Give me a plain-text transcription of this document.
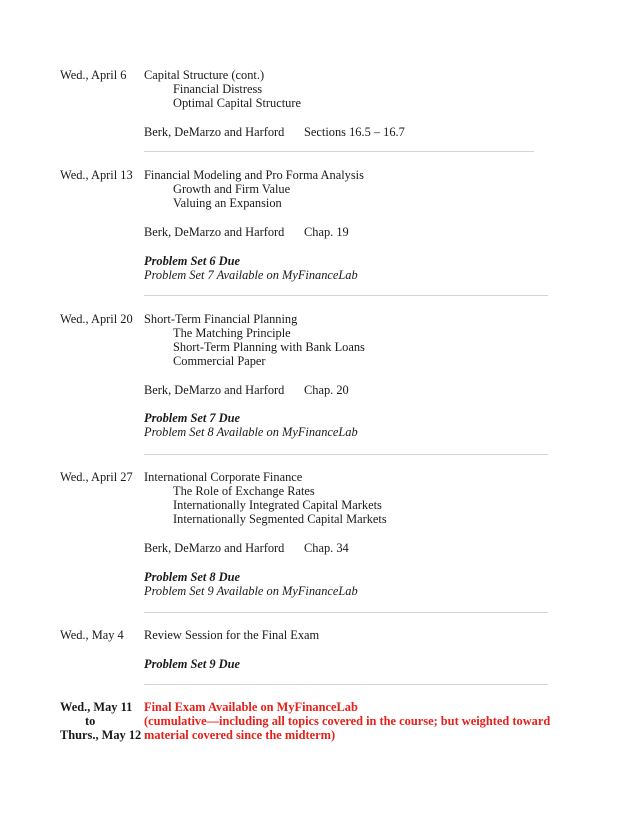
Wed., April 6 Capital Structure (cont.)
Financial Distress
Optimal Capital Structure
Berk, DeMarzo and Harford Sections 16.5 – 16.7
Wed., April 13 Financial Modeling and Pro Forma Analysis
Growth and Firm Value
Valuing an Expansion
Berk, DeMarzo and Harford Chap. 19
Problem Set 6 Due
Problem Set 7 Available on MyFinanceLab
Wed., April 20 Short-Term Financial Planning
The Matching Principle
Short-Term Planning with Bank Loans
Commercial Paper
Berk, DeMarzo and Harford Chap. 20
Problem Set 7 Due
Problem Set 8 Available on MyFinanceLab
Wed., April 27 International Corporate Finance
The Role of Exchange Rates
Internationally Integrated Capital Markets
Internationally Segmented Capital Markets
Berk, DeMarzo and Harford Chap. 34
Problem Set 8 Due
Problem Set 9 Available on MyFinanceLab
Wed., May 4 Review Session for the Final Exam
Problem Set 9 Due
Wed., May 11
to
Thurs., May 12
Final Exam Available on MyFinanceLab
(cumulative—including all topics covered in the course; but weighted toward
material covered since the midterm)
